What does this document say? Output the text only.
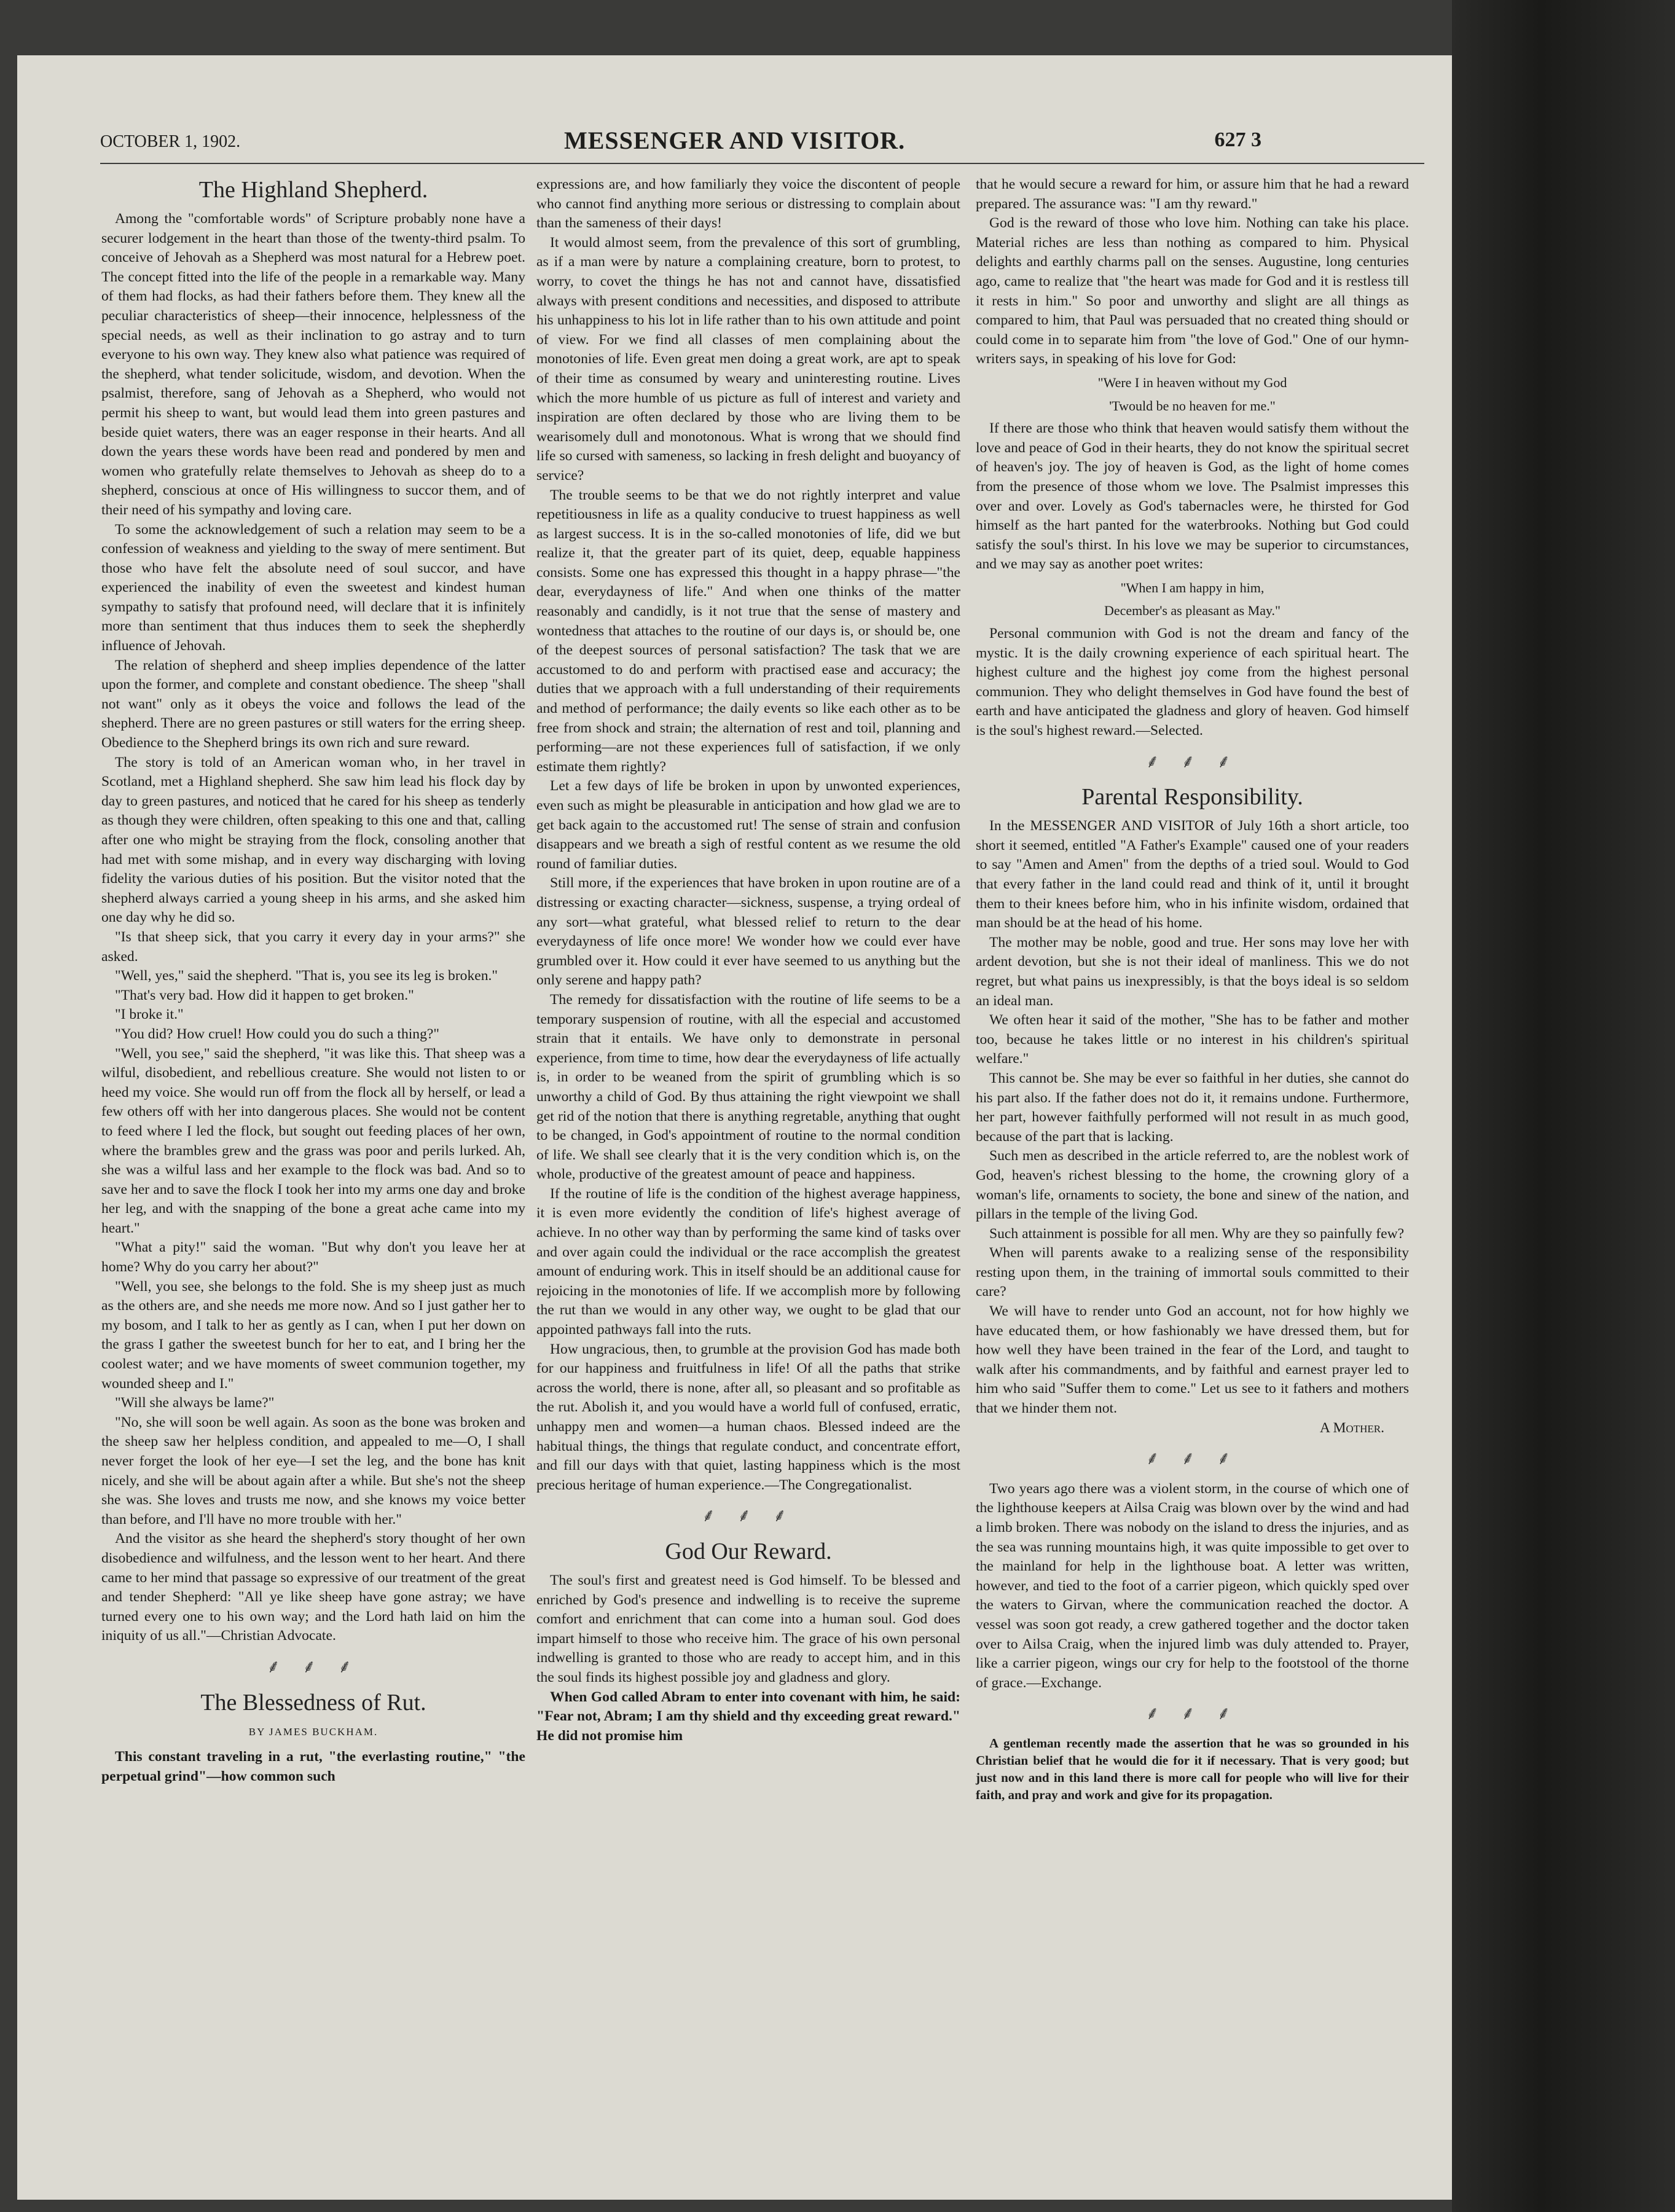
OCTOBER 1, 1902.	MESSENGER AND VISITOR.	627 3
The Highland Shepherd.

Among the "comfortable words" of Scripture probably none have a securer lodgement in the heart than those of the twenty-third psalm. To conceive of Jehovah as a Shepherd was most natural for a Hebrew poet. The concept fitted into the life of the people in a remarkable way. Many of them had flocks, as had their fathers before them. They knew all the peculiar characteristics of sheep—their innocence, helplessness of the special needs, as well as their inclination to go astray and to turn everyone to his own way. They knew also what patience was required of the shepherd, what tender solicitude, wisdom, and devotion. When the psalmist, therefore, sang of Jehovah as a Shepherd, who would not permit his sheep to want, but would lead them into green pastures and beside quiet waters, there was an eager response in their hearts. And all down the years these words have been read and pondered by men and women who gratefully relate themselves to Jehovah as sheep do to a shepherd, conscious at once of His willingness to succor them, and of their need of his sympathy and loving care.

To some the acknowledgement of such a relation may seem to be a confession of weakness and yielding to the sway of mere sentiment. But those who have felt the absolute need of soul succor, and have experienced the inability of even the sweetest and kindest human sympathy to satisfy that profound need, will declare that it is infinitely more than sentiment that thus induces them to seek the shepherdly influence of Jehovah.

The relation of shepherd and sheep implies dependence of the latter upon the former, and complete and constant obedience. The sheep "shall not want" only as it obeys the voice and follows the lead of the shepherd. There are no green pastures or still waters for the erring sheep. Obedience to the Shepherd brings its own rich and sure reward.

The story is told of an American woman who, in her travel in Scotland, met a Highland shepherd. She saw him lead his flock day by day to green pastures, and noticed that he cared for his sheep as tenderly as though they were children, often speaking to this one and that, calling after one who might be straying from the flock, consoling another that had met with some mishap, and in every way discharging with loving fidelity the various duties of his position. But the visitor noted that the shepherd always carried a young sheep in his arms, and she asked him one day why he did so.

"Is that sheep sick, that you carry it every day in your arms?" she asked.

"Well, yes," said the shepherd. "That is, you see its leg is broken."

"That's very bad. How did it happen to get broken."

"I broke it."

"You did? How cruel! How could you do such a thing?"

"Well, you see," said the shepherd, "it was like this. That sheep was a wilful, disobedient, and rebellious creature. She would not listen to or heed my voice. She would run off from the flock all by herself, or lead a few others off with her into dangerous places. She would not be content to feed where I led the flock, but sought out feeding places of her own, where the brambles grew and the grass was poor and perils lurked. Ah, she was a wilful lass and her example to the flock was bad. And so to save her and to save the flock I took her into my arms one day and broke her leg, and with the snapping of the bone a great ache came into my heart."

"What a pity!" said the woman. "But why don't you leave her at home? Why do you carry her about?"

"Well, you see, she belongs to the fold. She is my sheep just as much as the others are, and she needs me more now. And so I just gather her to my bosom, and I talk to her as gently as I can, when I put her down on the grass I gather the sweetest bunch for her to eat, and I bring her the coolest water; and we have moments of sweet communion together, my wounded sheep and I."

"Will she always be lame?"

"No, she will soon be well again. As soon as the bone was broken and the sheep saw her helpless condition, and appealed to me—O, I shall never forget the look of her eye—I set the leg, and the bone has knit nicely, and she will be about again after a while. But she's not the sheep she was. She loves and trusts me now, and she knows my voice better than before, and I'll have no more trouble with her."

And the visitor as she heard the shepherd's story thought of her own disobedience and wilfulness, and the lesson went to her heart. And there came to her mind that passage so expressive of our treatment of the great and tender Shepherd: "All ye like sheep have gone astray; we have turned every one to his own way; and the Lord hath laid on him the iniquity of us all."—Christian Advocate.

⸙ ⸙ ⸙
The Blessedness of Rut.
BY JAMES BUCKHAM.

This constant traveling in a rut, "the everlasting routine," "the perpetual grind"—how common such

expressions are, and how familiarly they voice the discontent of people who cannot find anything more serious or distressing to complain about than the sameness of their days!

It would almost seem, from the prevalence of this sort of grumbling, as if a man were by nature a complaining creature, born to protest, to worry, to covet the things he has not and cannot have, dissatisfied always with present conditions and necessities, and disposed to attribute his unhappiness to his lot in life rather than to his own attitude and point of view. For we find all classes of men complaining about the monotonies of life. Even great men doing a great work, are apt to speak of their time as consumed by weary and uninteresting routine. Lives which the more humble of us picture as full of interest and variety and inspiration are often declared by those who are living them to be wearisomely dull and monotonous. What is wrong that we should find life so cursed with sameness, so lacking in fresh delight and buoyancy of service?

The trouble seems to be that we do not rightly interpret and value repetitiousness in life as a quality conducive to truest happiness as well as largest success. It is in the so-called monotonies of life, did we but realize it, that the greater part of its quiet, deep, equable happiness consists. Some one has expressed this thought in a happy phrase—"the dear, everydayness of life." And when one thinks of the matter reasonably and candidly, is it not true that the sense of mastery and wontedness that attaches to the routine of our days is, or should be, one of the deepest sources of personal satisfaction? The task that we are accustomed to do and perform with practised ease and accuracy; the duties that we approach with a full understanding of their requirements and method of performance; the daily events so like each other as to be free from shock and strain; the alternation of rest and toil, planning and performing—are not these experiences full of satisfaction, if we only estimate them rightly?

Let a few days of life be broken in upon by unwonted experiences, even such as might be pleasurable in anticipation and how glad we are to get back again to the accustomed rut! The sense of strain and confusion disappears and we breath a sigh of restful content as we resume the old round of familiar duties.

Still more, if the experiences that have broken in upon routine are of a distressing or exacting character—sickness, suspense, a trying ordeal of any sort—what grateful, what blessed relief to return to the dear everydayness of life once more! We wonder how we could ever have grumbled over it. How could it ever have seemed to us anything but the only serene and happy path?

The remedy for dissatisfaction with the routine of life seems to be a temporary suspension of routine, with all the especial and accustomed strain that it entails. We have only to demonstrate in personal experience, from time to time, how dear the everydayness of life actually is, in order to be weaned from the spirit of grumbling which is so unworthy a child of God. By thus attaining the right viewpoint we shall get rid of the notion that there is anything regretable, anything that ought to be changed, in God's appointment of routine to the normal condition of life. We shall see clearly that it is the very condition which is, on the whole, productive of the greatest amount of peace and happiness.

If the routine of life is the condition of the highest average happiness, it is even more evidently the condition of life's highest average of achieve. In no other way than by performing the same kind of tasks over and over again could the individual or the race accomplish the greatest amount of enduring work. This in itself should be an additional cause for rejoicing in the monotonies of life. If we accomplish more by following the rut than we would in any other way, we ought to be glad that our appointed pathways fall into the ruts.

How ungracious, then, to grumble at the provision God has made both for our happiness and fruitfulness in life! Of all the paths that strike across the world, there is none, after all, so pleasant and so profitable as the rut. Abolish it, and you would have a world full of confused, erratic, unhappy men and women—a human chaos. Blessed indeed are the habitual things, the things that regulate conduct, and concentrate effort, and fill our days with that quiet, lasting happiness which is the most precious heritage of human experience.—The Congregationalist.

⸙ ⸙ ⸙
God Our Reward.

The soul's first and greatest need is God himself. To be blessed and enriched by God's presence and indwelling is to receive the supreme comfort and enrichment that can come into a human soul. God does impart himself to those who receive him. The grace of his own personal indwelling is granted to those who are ready to accept him, and in this the soul finds its highest possible joy and gladness and glory.

When God called Abram to enter into covenant with him, he said: "Fear not, Abram; I am thy shield and thy exceeding great reward." He did not promise him

that he would secure a reward for him, or assure him that he had a reward prepared. The assurance was: "I am thy reward."

God is the reward of those who love him. Nothing can take his place. Material riches are less than nothing as compared to him. Physical delights and earthly charms pall on the senses. Augustine, long centuries ago, came to realize that "the heart was made for God and it is restless till it rests in him." So poor and unworthy and slight are all things as compared to him, that Paul was persuaded that no created thing should or could come in to separate him from "the love of God." One of our hymn-writers says, in speaking of his love for God:

"Were I in heaven without my God
'Twould be no heaven for me."

If there are those who think that heaven would satisfy them without the love and peace of God in their hearts, they do not know the spiritual secret of heaven's joy. The joy of heaven is God, as the light of home comes from the presence of those whom we love. The Psalmist impresses this over and over. Lovely as God's tabernacles were, he thirsted for God himself as the hart panted for the waterbrooks. Nothing but God could satisfy the soul's thirst. In his love we may be superior to circumstances, and we may say as another poet writes:

"When I am happy in him,
December's as pleasant as May."

Personal communion with God is not the dream and fancy of the mystic. It is the daily crowning experience of each spiritual heart. The highest culture and the highest joy come from the highest personal communion. They who delight themselves in God have found the best of earth and have anticipated the gladness and glory of heaven. God himself is the soul's highest reward.—Selected.

⸙ ⸙ ⸙
Parental Responsibility.

In the MESSENGER AND VISITOR of July 16th a short article, too short it seemed, entitled "A Father's Example" caused one of your readers to say "Amen and Amen" from the depths of a tried soul. Would to God that every father in the land could read and think of it, until it brought them to their knees before him, who in his infinite wisdom, ordained that man should be at the head of his home.

The mother may be noble, good and true. Her sons may love her with ardent devotion, but she is not their ideal of manliness. This we do not regret, but what pains us inexpressibly, is that the boys ideal is so seldom an ideal man.

We often hear it said of the mother, "She has to be father and mother too, because he takes little or no interest in his children's spiritual welfare."

This cannot be. She may be ever so faithful in her duties, she cannot do his part also. If the father does not do it, it remains undone. Furthermore, her part, however faithfully performed will not result in as much good, because of the part that is lacking.

Such men as described in the article referred to, are the noblest work of God, heaven's richest blessing to the home, the crowning glory of a woman's life, ornaments to society, the bone and sinew of the nation, and pillars in the temple of the living God.

Such attainment is possible for all men. Why are they so painfully few?

When will parents awake to a realizing sense of the responsibility resting upon them, in the training of immortal souls committed to their care?

We will have to render unto God an account, not for how highly we have educated them, or how fashionably we have dressed them, but for how well they have been trained in the fear of the Lord, and taught to walk after his commandments, and by faithful and earnest prayer led to him who said "Suffer them to come." Let us see to it fathers and mothers that we hinder them not.

A Mother.
⸙ ⸙ ⸙

Two years ago there was a violent storm, in the course of which one of the lighthouse keepers at Ailsa Craig was blown over by the wind and had a limb broken. There was nobody on the island to dress the injuries, and as the sea was running mountains high, it was quite impossible to get over to the mainland for help in the lighthouse boat. A letter was written, however, and tied to the foot of a carrier pigeon, which quickly sped over the waters to Girvan, where the communication reached the doctor. A vessel was soon got ready, a crew gathered together and the doctor taken over to Ailsa Craig, when the injured limb was duly attended to. Prayer, like a carrier pigeon, wings our cry for help to the footstool of the thorne of grace.—Exchange.

⸙ ⸙ ⸙

A gentleman recently made the assertion that he was so grounded in his Christian belief that he would die for it if necessary. That is very good; but just now and in this land there is more call for people who will live for their faith, and pray and work and give for its propagation.
